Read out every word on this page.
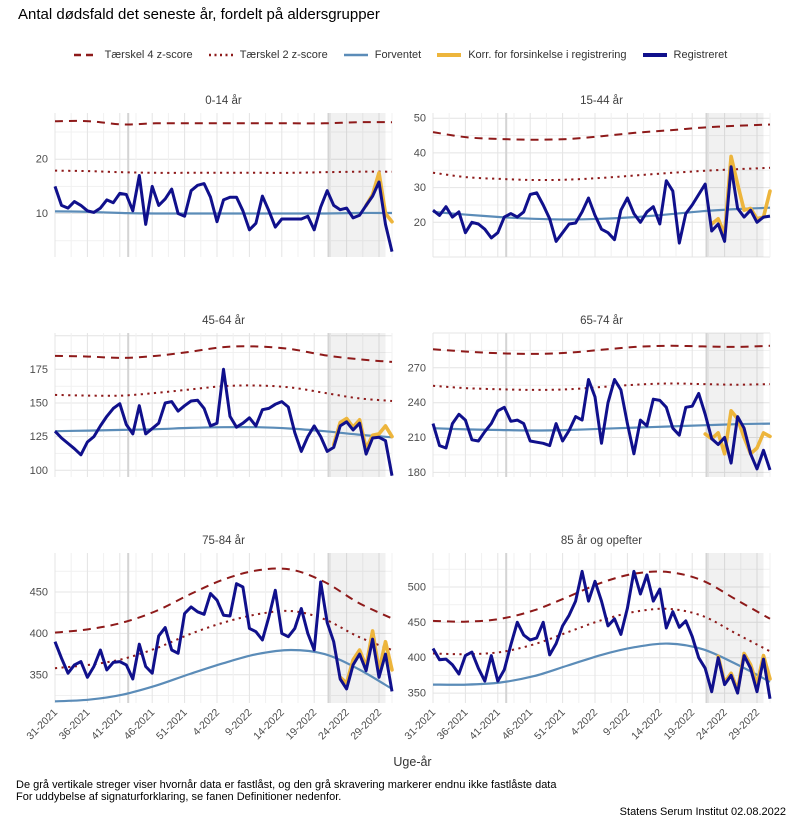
Antal dødsfald det seneste år, fordelt på aldersgrupper
Tærskel 4 z-score	Tærskel 2 z-score	Forventet	Korr. for forsinkelse i registrering	Registreret
10
20
0-14 år
20
30
40
50
15-44 år
100
125
150
175
45-64 år
180
210
240
270
65-74 år
350
400
450
75-84 år
31-2021
36-2021
41-2021
46-2021
51-2021 4-2022 9-2022
14-2022
19-2022
24-2022
29-2022
350
400
450
500
85 år og opefter
31-2021
36-2021
41-2021
46-2021
51-2021 4-2022 9-2022
14-2022
19-2022
24-2022
29-2022
Uge-år
De grå vertikale streger viser hvornår data er fastlåst, og den grå skravering markerer endnu ikke fastlåste data
For uddybelse af signaturforklaring, se fanen Definitioner nedenfor.
Statens Serum Institut 02.08.2022
